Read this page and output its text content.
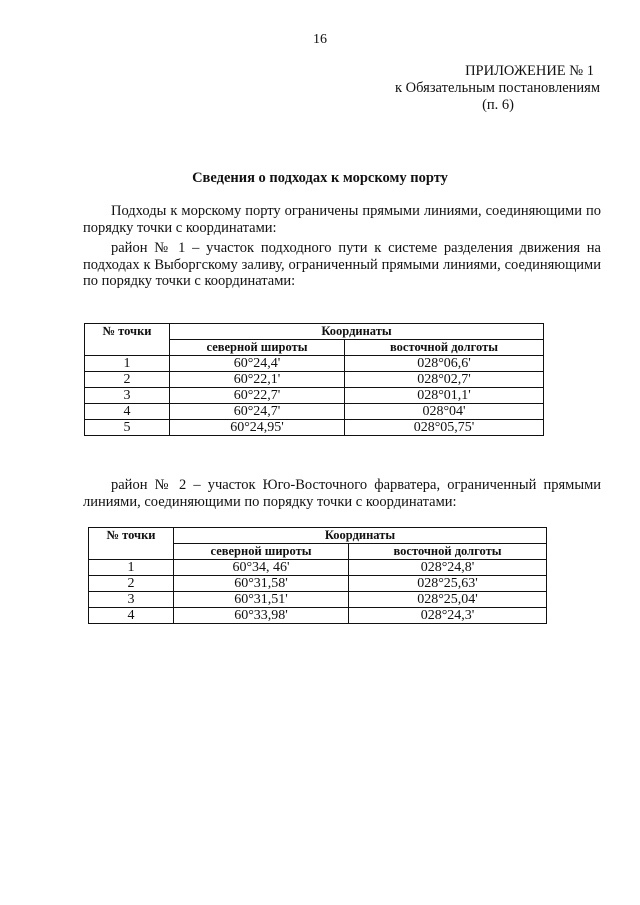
16
ПРИЛОЖЕНИЕ № 1
к Обязательным постановлениям
(п. 6)
Сведения о подходах к морскому порту
Подходы к морскому порту ограничены прямыми линиями, соединяющими по порядку точки с координатами:
район № 1 – участок подходного пути к системе разделения движения на подходах к Выборгскому заливу, ограниченный прямыми линиями, соединяющими по порядку точки с координатами:
№ точки	Координаты	
	северной широты	восточной долготы
1	60°24,4'	028°06,6'
2	60°22,1'	028°02,7'
3	60°22,7'	028°01,1'
4	60°24,7'	028°04'
5	60°24,95'	028°05,75'
район № 2 – участок Юго-Восточного фарватера, ограниченный прямыми линиями, соединяющими по порядку точки с координатами:
№ точки	Координаты	
	северной широты	восточной долготы
1	60°34, 46'	028°24,8'
2	60°31,58'	028°25,63'
3	60°31,51'	028°25,04'
4	60°33,98'	028°24,3'
